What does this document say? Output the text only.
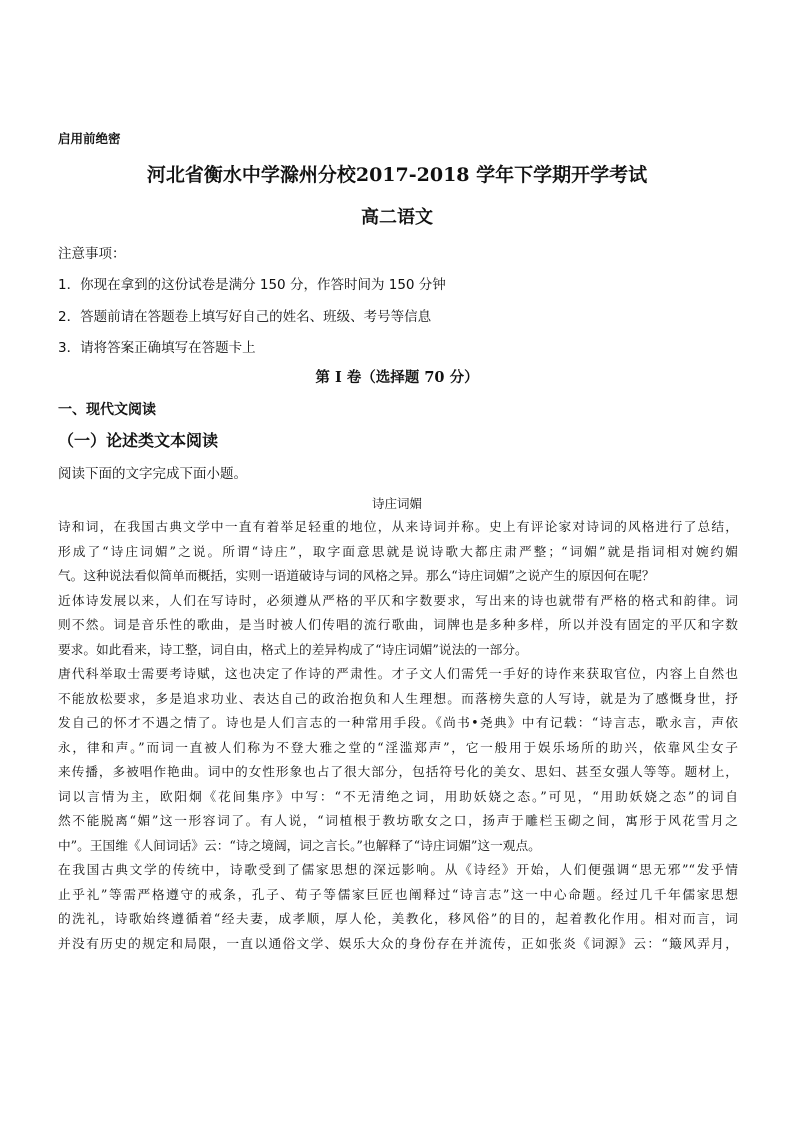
启用前绝密
河北省衡水中学滁州分校2017-2018 学年下学期开学考试
高二语文
注意事项：
1．你现在拿到的这份试卷是满分 150 分，作答时间为 150 分钟
2．答题前请在答题卷上填写好自己的姓名、班级、考号等信息
3．请将答案正确填写在答题卡上
第 I 卷（选择题 70 分）
一、现代文阅读
（一）论述类文本阅读
阅读下面的文字完成下面小题。
诗庄词媚
诗和词，在我国古典文学中一直有着举足轻重的地位，从来诗词并称。史上有评论家对诗词的风格进行了总结，
形成了“诗庄词媚”之说。所谓“诗庄”，取字面意思就是说诗歌大都庄肃严整；“词媚”就是指词相对婉约媚
气。这种说法看似简单而概括，实则一语道破诗与词的风格之异。那么“诗庄词媚”之说产生的原因何在呢？
近体诗发展以来，人们在写诗时，必须遵从严格的平仄和字数要求，写出来的诗也就带有严格的格式和韵律。词
则不然。词是音乐性的歌曲，是当时被人们传唱的流行歌曲，词牌也是多种多样，所以并没有固定的平仄和字数
要求。如此看来，诗工整，词自由，格式上的差异构成了“诗庄词媚”说法的一部分。
唐代科举取士需要考诗赋，这也决定了作诗的严肃性。才子文人们需凭一手好的诗作来获取官位，内容上自然也
不能放松要求，多是追求功业、表达自己的政治抱负和人生理想。而落榜失意的人写诗，就是为了感慨身世，抒
发自己的怀才不遇之情了。诗也是人们言志的一种常用手段。《尚书•尧典》中有记载：“诗言志，歌永言，声依
永，律和声。”而词一直被人们称为不登大雅之堂的“淫滥郑声”，它一般用于娱乐场所的助兴，依靠风尘女子
来传播，多被唱作艳曲。词中的女性形象也占了很大部分，包括符号化的美女、思妇、甚至女强人等等。题材上，
词以言情为主，欧阳炯《花间集序》中写：“不无清绝之词，用助妖娆之态。”可见，“用助妖娆之态”的词自
然不能脱离“媚”这一形容词了。有人说，“词植根于教坊歌女之口，扬声于雕栏玉砌之间，寓形于风花雪月之
中”。王国维《人间词话》云：“诗之境阔，词之言长。”也解释了“诗庄词媚”这一观点。
在我国古典文学的传统中，诗歌受到了儒家思想的深远影响。从《诗经》开始，人们便强调“思无邪”“发乎情
止乎礼”等需严格遵守的戒条，孔子、荀子等儒家巨匠也阐释过“诗言志”这一中心命题。经过几千年儒家思想
的洗礼，诗歌始终遵循着“经夫妻，成孝顺，厚人伦，美教化，移风俗”的目的，起着教化作用。相对而言，词
并没有历史的规定和局限，一直以通俗文学、娱乐大众的身份存在并流传，正如张炎《词源》云：“簸风弄月，
